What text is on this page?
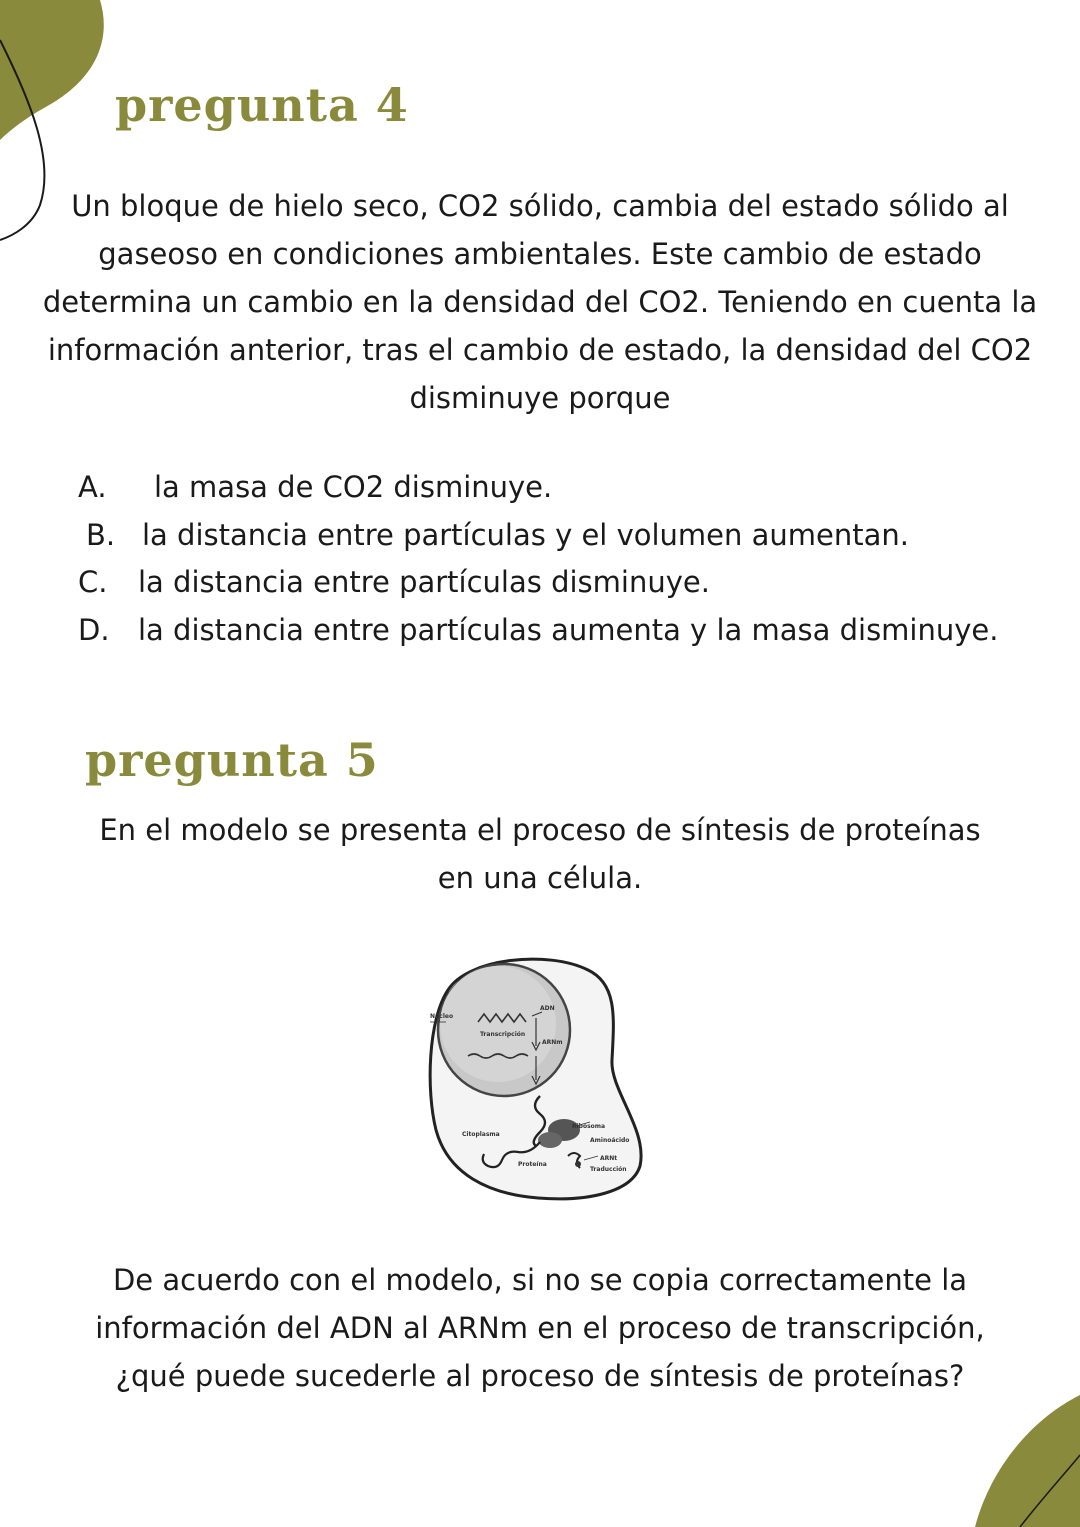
pregunta 4

Un bloque de hielo seco, CO2 sólido, cambia del estado sólido al
gaseoso en condiciones ambientales. Este cambio de estado
determina un cambio en la densidad del CO2. Teniendo en cuenta la
información anterior, tras el cambio de estado, la densidad del CO2
disminuye porque

A. la masa de CO2 disminuye.
B. la distancia entre partículas y el volumen aumentan.
C. la distancia entre partículas disminuye.
D. la distancia entre partículas aumenta y la masa disminuye.
pregunta 5

En el modelo se presenta el proceso de síntesis de proteínas
en una célula.

Núcleo
ADN
Transcripción
ARNm
Citoplasma
Ribosoma
Aminoácido
ARNt
Traducción
Proteína

De acuerdo con el modelo, si no se copia correctamente la
información del ADN al ARNm en el proceso de transcripción,
¿qué puede sucederle al proceso de síntesis de proteínas?
